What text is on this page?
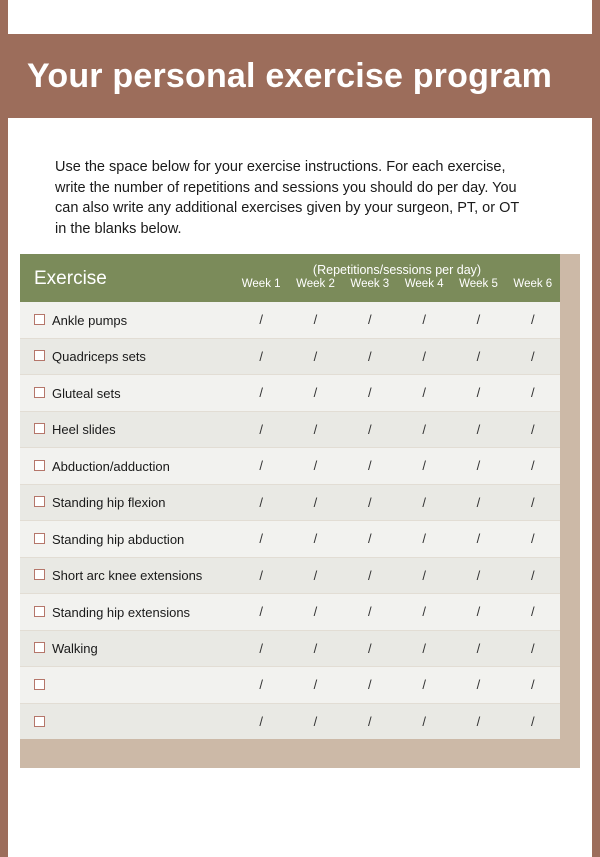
Your personal exercise program
Use the space below for your exercise instructions. For each exercise, write the number of repetitions and sessions you should do per day. You can also write any additional exercises given by your surgeon, PT, or OT in the blanks below.
Exercise	(Repetitions/sessions per day)					
	Week 1	Week 2	Week 3	Week 4	Week 5	Week 6
Ankle pumps	/	/	/	/	/	/
Quadriceps sets	/	/	/	/	/	/
Gluteal sets	/	/	/	/	/	/
Heel slides	/	/	/	/	/	/
Abduction/adduction	/	/	/	/	/	/
Standing hip flexion	/	/	/	/	/	/
Standing hip abduction	/	/	/	/	/	/
Short arc knee extensions	/	/	/	/	/	/
Standing hip extensions	/	/	/	/	/	/
Walking	/	/	/	/	/	/
	/	/	/	/	/	/
	/	/	/	/	/	/
